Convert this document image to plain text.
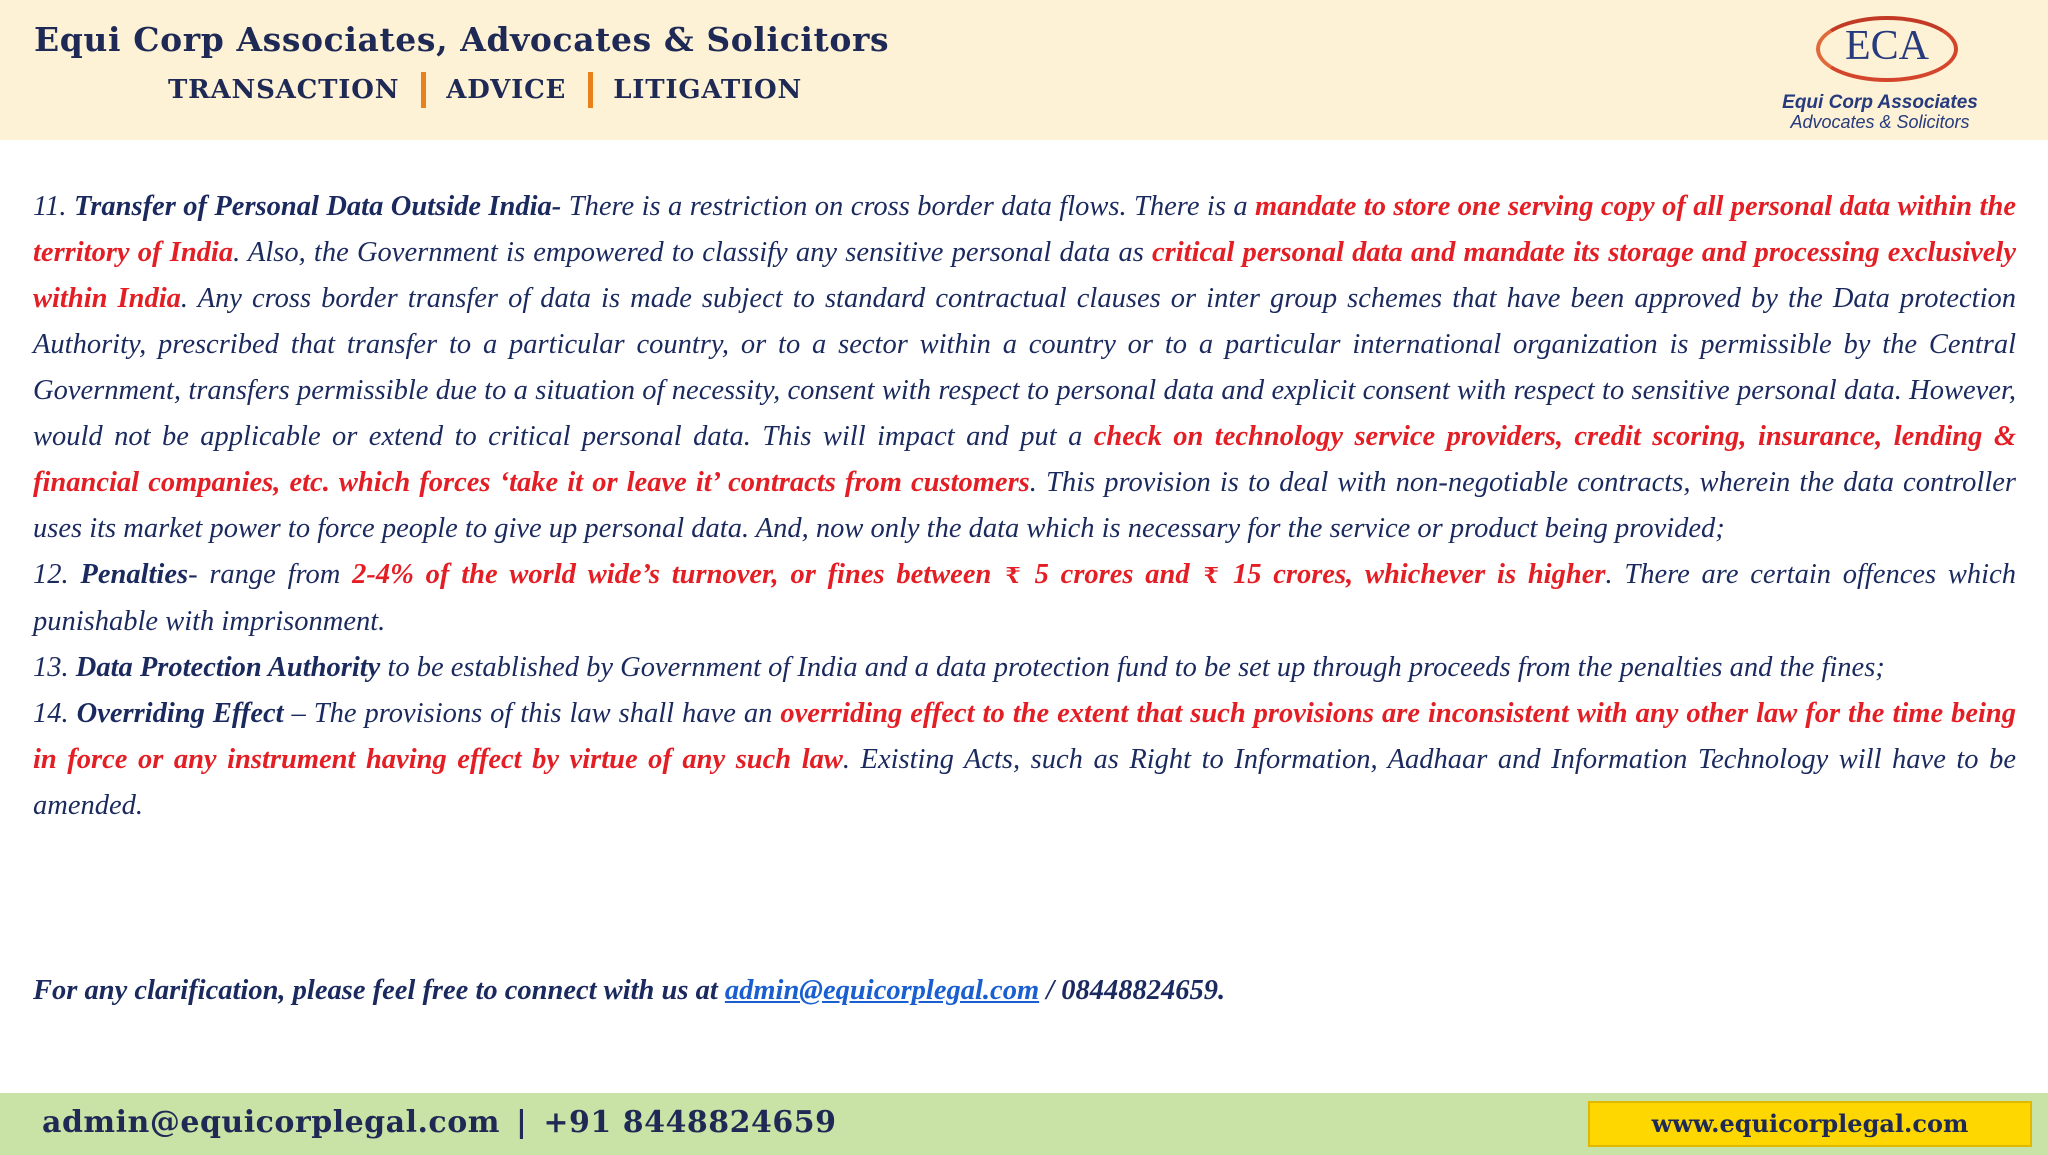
Equi Corp Associates, Advocates & Solicitors
TRANSACTION ADVICE LITIGATION
ECA
Equi Corp Associates
Advocates & Solicitors

11. Transfer of Personal Data Outside India- There is a restriction on cross border data flows. There is a mandate to store one serving copy of all personal data within the territory of India. Also, the Government is empowered to classify any sensitive personal data as critical personal data and mandate its storage and processing exclusively within India. Any cross border transfer of data is made subject to standard contractual clauses or inter group schemes that have been approved by the Data protection Authority, prescribed that transfer to a particular country, or to a sector within a country or to a particular international organization is permissible by the Central Government, transfers permissible due to a situation of necessity, consent with respect to personal data and explicit consent with respect to sensitive personal data. However, would not be applicable or extend to critical personal data. This will impact and put a check on technology service providers, credit scoring, insurance, lending & financial companies, etc. which forces ‘take it or leave it’ contracts from customers. This provision is to deal with non-negotiable contracts, wherein the data controller uses its market power to force people to give up personal data. And, now only the data which is necessary for the service or product being provided;

12. Penalties- range from 2-4% of the world wide’s turnover, or fines between ₹ 5 crores and ₹ 15 crores, whichever is higher. There are certain offences which punishable with imprisonment.

13. Data Protection Authority to be established by Government of India and a data protection fund to be set up through proceeds from the penalties and the fines;

14. Overriding Effect – The provisions of this law shall have an overriding effect to the extent that such provisions are inconsistent with any other law for the time being in force or any instrument having effect by virtue of any such law. Existing Acts, such as Right to Information, Aadhaar and Information Technology will have to be amended.

For any clarification, please feel free to connect with us at admin@equicorplegal.com / 08448824659.
admin@equicorplegal.com | +91 8448824659	www.equicorplegal.com
